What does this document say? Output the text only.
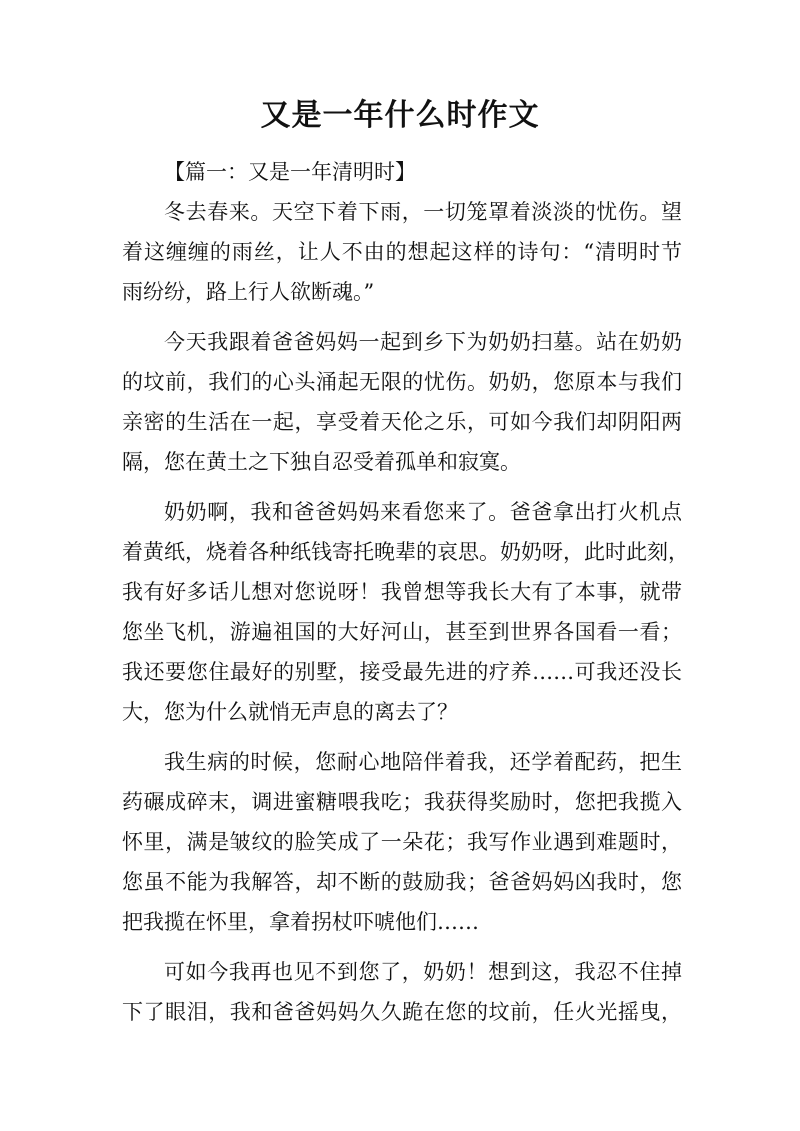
又是一年什么时作文
【篇一：又是一年清明时】
冬去春来。天空下着下雨，一切笼罩着淡淡的忧伤。望
着这缠缠的雨丝，让人不由的想起这样的诗句：“清明时节
雨纷纷，路上行人欲断魂。”
今天我跟着爸爸妈妈一起到乡下为奶奶扫墓。站在奶奶
的坟前，我们的心头涌起无限的忧伤。奶奶，您原本与我们
亲密的生活在一起，享受着天伦之乐，可如今我们却阴阳两
隔，您在黄土之下独自忍受着孤单和寂寞。
奶奶啊，我和爸爸妈妈来看您来了。爸爸拿出打火机点
着黄纸，烧着各种纸钱寄托晚辈的哀思。奶奶呀，此时此刻，
我有好多话儿想对您说呀！我曾想等我长大有了本事，就带
您坐飞机，游遍祖国的大好河山，甚至到世界各国看一看；
我还要您住最好的别墅，接受最先进的疗养……可我还没长
大，您为什么就悄无声息的离去了？
我生病的时候，您耐心地陪伴着我，还学着配药，把生
药碾成碎末，调进蜜糖喂我吃；我获得奖励时，您把我揽入
怀里，满是皱纹的脸笑成了一朵花；我写作业遇到难题时，
您虽不能为我解答，却不断的鼓励我；爸爸妈妈凶我时，您
把我揽在怀里，拿着拐杖吓唬他们……
可如今我再也见不到您了，奶奶！想到这，我忍不住掉
下了眼泪，我和爸爸妈妈久久跪在您的坟前，任火光摇曳，
